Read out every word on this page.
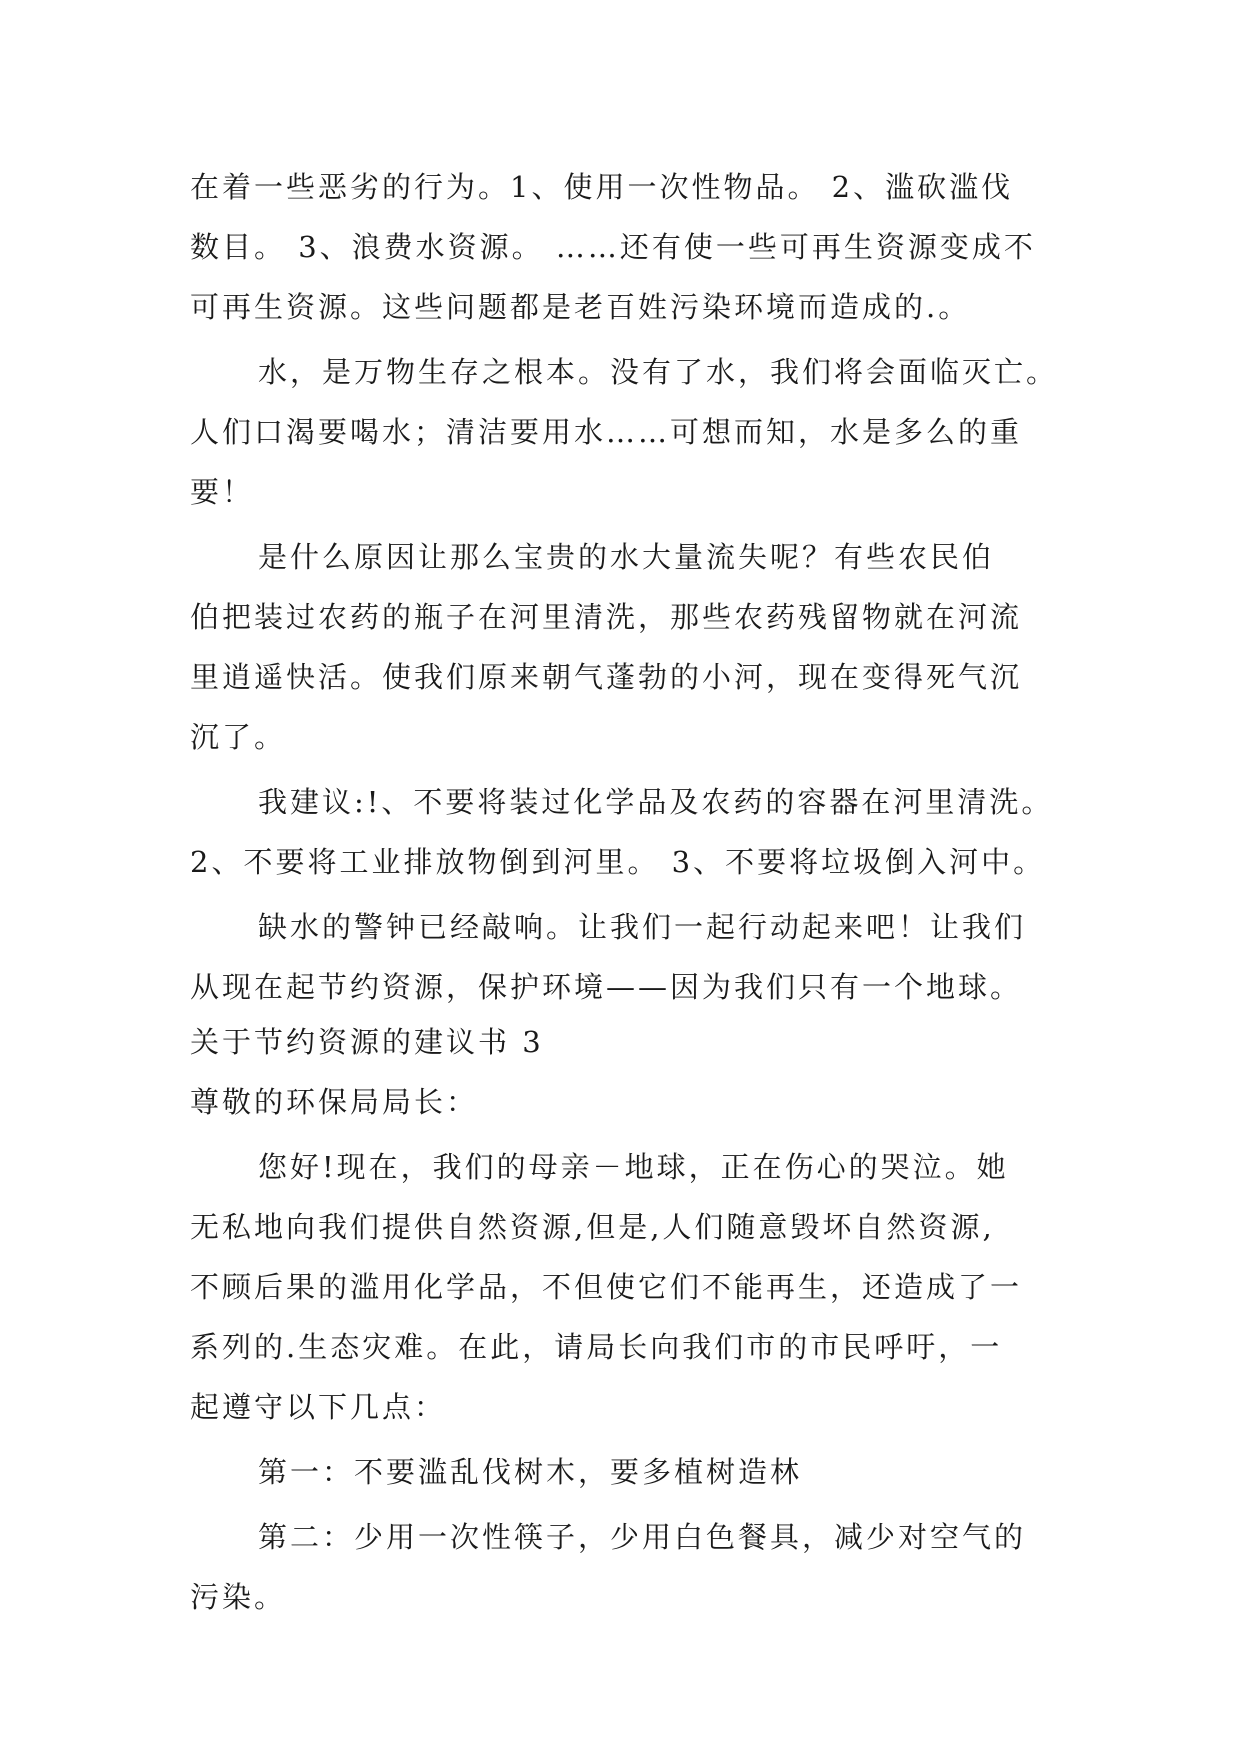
在着一些恶劣的行为。1、使用一次性物品。 2、滥砍滥伐
数目。 3、浪费水资源。 ……还有使一些可再生资源变成不
可再生资源。这些问题都是老百姓污染环境而造成的.。
水，是万物生存之根本。没有了水，我们将会面临灭亡。
人们口渴要喝水；清洁要用水……可想而知，水是多么的重
要！
是什么原因让那么宝贵的水大量流失呢？有些农民伯
伯把装过农药的瓶子在河里清洗，那些农药残留物就在河流
里逍遥快活。使我们原来朝气蓬勃的小河，现在变得死气沉
沉了。
我建议:!、不要将装过化学品及农药的容器在河里清洗。
2、不要将工业排放物倒到河里。 3、不要将垃圾倒入河中。
缺水的警钟已经敲响。让我们一起行动起来吧！让我们
从现在起节约资源，保护环境——因为我们只有一个地球。
关于节约资源的建议书 3
尊敬的环保局局长：
您好!现在，我们的母亲－地球，正在伤心的哭泣。她
无私地向我们提供自然资源,但是,人们随意毁坏自然资源,
不顾后果的滥用化学品，不但使它们不能再生，还造成了一
系列的.生态灾难。在此，请局长向我们市的市民呼吁，一
起遵守以下几点：
第一：不要滥乱伐树木，要多植树造林
第二：少用一次性筷子，少用白色餐具，减少对空气的
污染。
